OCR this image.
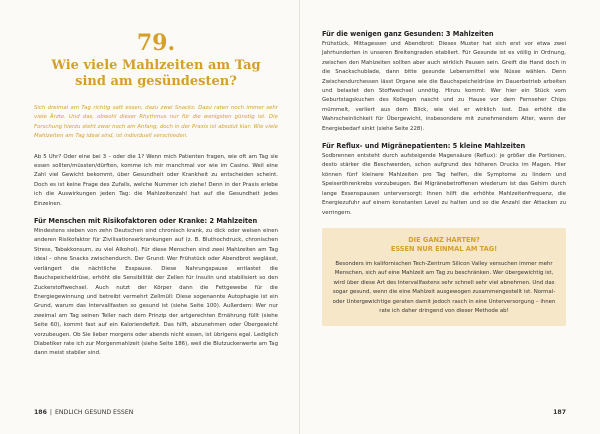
79.
Wie viele Mahlzeiten am Tag
sind am gesündesten?

Sich dreimal am Tag richtig satt essen, dazu zwei Snacks: Dazu raten noch immer sehr viele Ärzte. Und das, obwohl dieser Rhythmus nur für die wenigsten günstig ist. Die Forschung hierzu steht zwar noch am Anfang, doch in der Praxis ist absolut klar: Wie viele Mahlzeiten am Tag ideal sind, ist individuell verschieden.

Ab 5 Uhr? Oder eine bei 3 – oder die 1? Wenn mich Patienten fragen, wie oft am Tag sie essen sollten/müssten/dürften, komme ich mir manchmal vor wie im Casino. Weil eine Zahl viel Gewicht bekommt, über Gesundheit oder Krankheit zu entscheiden scheint. Doch es ist keine Frage des Zufalls, welche Nummer ich ziehe! Denn in der Praxis erlebe ich die Auswirkungen jeden Tag: die Mahlzeitenzahl hat auf die Gesundheit jedes Einzelnen.

Für Menschen mit Risikofaktoren oder Kranke: 2 Mahlzeiten

Mindestens sieben von zehn Deutschen sind chronisch krank, zu dick oder weisen einen anderen Risikofaktor für Zivilisationserkrankungen auf (z. B. Bluthochdruck, chronischen Stress, Tabakkonsum, zu viel Alkohol). Für diese Menschen sind zwei Mahlzeiten am Tag ideal – ohne Snacks zwischendurch. Der Grund: Wer Frühstück oder Abendbrot weglässt, verlängert die nächtliche Esspause. Diese Nahrungspause entlastet die Bauchspeicheldrüse, erhöht die Sensibilität der Zellen für Insulin und stabilisiert so den Zuckerstoffwechsel. Auch nutzt der Körper dann die Fettgewebe für die Energiegewinnung und betreibt vermehrt Zellmüll: Diese sogenannte Autophagie ist ein Grund, warum das Intervallfasten so gesund ist (siehe Seite 100). Außerdem: Wer nur zweimal am Tag seinen Teller nach dem Prinzip der artgerechten Ernährung füllt (siehe Seite 60), kommt fast auf ein Kaloriendefizit. Das hilft, abzunehmen oder Übergewicht vorzubeugen. Ob Sie lieber morgens oder abends nicht essen, ist übrigens egal. Lediglich Diabetiker rate ich zur Morgenmahlzeit (siehe Seite 186), weil die Blutzuckerwerte am Tag dann meist stabiler sind.

186 | ENDLICH GESUND ESSEN
Für die wenigen ganz Gesunden: 3 Mahlzeiten

Frühstück, Mittagessen und Abendbrot: Dieses Muster hat sich erst vor etwa zwei Jahrhunderten in unseren Breitengraden etabliert. Für Gesunde ist es völlig in Ordnung, zwischen den Mahlzeiten sollten aber auch wirklich Pausen sein. Greift die Hand doch in die Snackschublade, dann bitte gesunde Lebensmittel wie Nüsse wählen. Denn Zwischendurchessen lässt Organe wie die Bauchspeicheldrüse im Dauerbetrieb arbeiten und belastet den Stoffwechsel unnötig. Hinzu kommt: Wer hier ein Stück vom Geburtstagskuchen des Kollegen nascht und zu Hause vor dem Fernseher Chips mümmelt, verliert aus dem Blick, wie viel er wirklich isst. Das erhöht die Wahrscheinlichkeit für Übergewicht, insbesondere mit zunehmendem Alter, wenn der Energiebedarf sinkt (siehe Seite 228).

Für Reflux- und Migränepatienten: 5 kleine Mahlzeiten

Sodbrennen entsteht durch aufsteigende Magensäure (Reflux): je größer die Portionen, desto stärker die Beschwerden, schon aufgrund des höheren Drucks im Magen. Hier können fünf kleinere Mahlzeiten pro Tag helfen, die Symptome zu lindern und Speiseröhrenkrebs vorzubeugen. Bei Migränebetroffenen wiederum ist das Gehirn durch lange Essenspausen unterversorgt: Ihnen hilft die erhöhte Mahlzeitenfrequenz, die Energiezufuhr auf einem konstanten Level zu halten und so die Anzahl der Attacken zu verringern.

DIE GANZ HARTEN?
ESSEN NUR EINMAL AM TAG!

Besonders im kalifornischen Tech-Zentrum Silicon Valley versuchen immer mehr Menschen, sich auf eine Mahlzeit am Tag zu beschränken. Wer übergewichtig ist, wird über diese Art des Intervallfastens sehr schnell sehr viel abnehmen. Und das sogar gesund, wenn die eine Mahlzeit ausgewogen zusammengestellt ist. Normal- oder Untergewichtige geraten damit jedoch rasch in eine Unterversorgung – ihnen rate ich daher dringend von dieser Methode ab!

187
